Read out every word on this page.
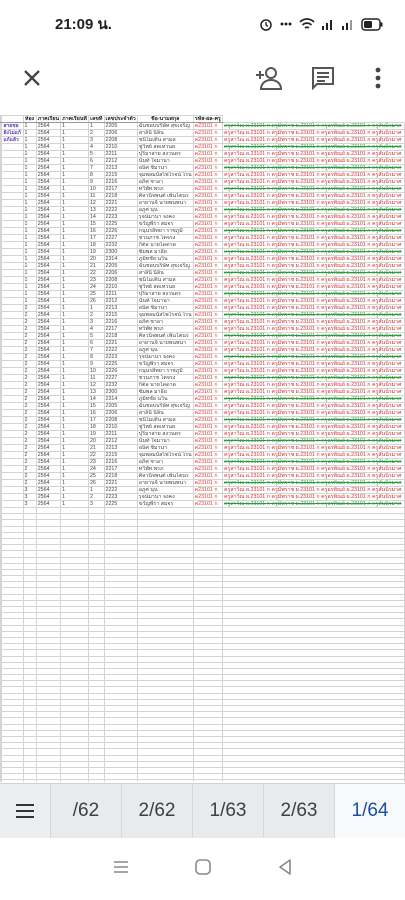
21:09 น.
		ห้อง	ภาคเรียน	ภาคเรียนที่	เลขที่	เลขประจำตัว	ชื่อ-นามสกุล	รหัส-ผล-ครู	
	สายชอ	1	2564	1	1	2205	ฉันชอบบริษัท สุขเจริญ	ค23101 ก	ครูสาวิณ ผ.23101 ก ครูมีพราช ผ.23101 ก ครูอรทิณย์ ผ.23101 ก ครูสันนิรมาศ
	ยังไม่แก้	1	2564	1	2	2206	สาลินี นิลิน	ค23101 ก	ครูสาวิณ ผ.23101 ก ครูมีพราช ผ.23101 ก ครูอรทิณย์ ผ.23101 ก ครูสันนิรมาศ
	แก้แล้ว	1	2564	1	3	2208	ชนิโมเติน สามล	ค23101 ก	ครูสาวิณ ผ.23101 ก ครูมีพราช ผ.23101 ก ครูอรทิณย์ ผ.23101 ก ครูสันนิรมาศ
		1	2564	1	4	2210	ชูวิทย์ สดเทวนย	ค23101 ก	ครูสาวิณ ผ.23101 ก ครูมีพราช ผ.23101 ก ครูอรทิณย์ ผ.23101 ก ครูสันนิรมาศ
		1	2564	1	5	2211	ปุริมาสาย สงวนดร	ค23101 ก	ครูสาวิณ ผ.23101 ก ครูมีพราช ผ.23101 ก ครูอรทิณย์ ผ.23101 ก ครูสันนิรมาศ
		1	2564	1	6	2212	นันท์ ใจมานา	ค23101 ก	ครูสาวิณ ผ.23101 ก ครูมีพราช ผ.23101 ก ครูอรทิณย์ ผ.23101 ก ครูสันนิรมาศ
		1	2564	1	7	2213	อนิศ ชิมานา	ค23101 ก	ครูสาวิณ ผ.23101 ก ครูมีพราช ผ.23101 ก ครูอรทิณย์ ผ.23101 ก ครูสันนิรมาศ
		1	2564	1	8	2215	จุมพลมนัสไพโรจน์ ไรน	ค23101 ก	ครูสาวิณ ผ.23101 ก ครูมีพราช ผ.23101 ก ครูอรทิณย์ ผ.23101 ก ครูสันนิรมาศ
		1	2564	1	9	2216	อภิศ ชาอา	ค23101 ก	ครูสาวิณ ผ.23101 ก ครูมีพราช ผ.23101 ก ครูอรทิณย์ ผ.23101 ก ครูสันนิรมาศ
		1	2564	1	10	2217	ทวิพัท พรภ	ค23101 ก	ครูสาวิณ ผ.23101 ก ครูมีพราช ผ.23101 ก ครูอรทิณย์ ผ.23101 ก ครูสันนิรมาศ
		1	2564	1	11	2218	ศิลวนิจพนต์ เพ็นโตนร	ค23101 ก	ครูสาวิณ ผ.23101 ก ครูมีพราช ผ.23101 ก ครูอรทิณย์ ผ.23101 ก ครูสันนิรมาศ
		1	2564	1	12	2221	อายานจี นายพนพนา	ค23101 ก	ครูสาวิณ ผ.23101 ก ครูมีพราช ผ.23101 ก ครูอรทิณย์ ผ.23101 ก ครูสันนิรมาศ
		1	2564	1	13	2222	อภูศ นุน	ค23101 ก	ครูสาวิณ ผ.23101 ก ครูมีพราช ผ.23101 ก ครูอรทิณย์ ผ.23101 ก ครูสันนิรมาศ
		1	2564	1	14	2223	รุจน์มานา จงคง	ค23101 ก	ครูสาวิณ ผ.23101 ก ครูมีพราช ผ.23101 ก ครูอรทิณย์ ผ.23101 ก ครูสันนิรมาศ
		1	2564	1	15	2225	ขวัญพิรา สมจร	ค23101 ก	ครูสาวิณ ผ.23101 ก ครูมีพราช ผ.23101 ก ครูอรทิณย์ ผ.23101 ก ครูสันนิรมาศ
		1	2564	1	16	2226	กนุนรสิทยา ราชภูมิ	ค23101 ก	ครูสาวิณ ผ.23101 ก ครูมีพราช ผ.23101 ก ครูอรทิณย์ ผ.23101 ก ครูสันนิรมาศ
		1	2564	1	17	2227	ชวนภาช โตจรง	ค23101 ก	ครูสาวิณ ผ.23101 ก ครูมีพราช ผ.23101 ก ครูอรทิณย์ ผ.23101 ก ครูสันนิรมาศ
		1	2564	1	18	2232	กิต์ล นายโดดาด	ค23101 ก	ครูสาวิณ ผ.23101 ก ครูมีพราช ผ.23101 ก ครูอรทิณย์ ผ.23101 ก ครูสันนิรมาศ
		1	2564	1	19	2300	ซิมพล มาอีย	ค23101 ก	ครูสาวิณ ผ.23101 ก ครูมีพราช ผ.23101 ก ครูอรทิณย์ ผ.23101 ก ครูสันนิรมาศ
		1	2564	1	20	2314	ภูมิทชัย นวิน	ค23101 ก	ครูสาวิณ ผ.23101 ก ครูมีพราช ผ.23101 ก ครูอรทิณย์ ผ.23101 ก ครูสันนิรมาศ
		1	2564	1	21	2205	ฉันชอบบริษัท สุขเจริญ	ค23101 ก	ครูสาวิณ ผ.23101 ก ครูมีพราช ผ.23101 ก ครูอรทิณย์ ผ.23101 ก ครูสันนิรมาศ
		1	2564	1	22	2206	สาลินี นิลิน	ค23101 ก	ครูสาวิณ ผ.23101 ก ครูมีพราช ผ.23101 ก ครูอรทิณย์ ผ.23101 ก ครูสันนิรมาศ
		1	2564	1	23	2208	ชนิโมเติน สามล	ค23101 ก	ครูสาวิณ ผ.23101 ก ครูมีพราช ผ.23101 ก ครูอรทิณย์ ผ.23101 ก ครูสันนิรมาศ
		1	2564	1	24	2210	ชูวิทย์ สดเทวนย	ค23101 ก	ครูสาวิณ ผ.23101 ก ครูมีพราช ผ.23101 ก ครูอรทิณย์ ผ.23101 ก ครูสันนิรมาศ
		1	2564	1	25	2211	ปุริมาสาย สงวนดร	ค23101 ก	ครูสาวิณ ผ.23101 ก ครูมีพราช ผ.23101 ก ครูอรทิณย์ ผ.23101 ก ครูสันนิรมาศ
		1	2564	1	26	2212	นันท์ ใจมานา	ค23101 ก	ครูสาวิณ ผ.23101 ก ครูมีพราช ผ.23101 ก ครูอรทิณย์ ผ.23101 ก ครูสันนิรมาศ
		2	2564	1	1	2213	อนิศ ชิมานา	ค23101 ก	ครูสาวิณ ผ.23101 ก ครูมีพราช ผ.23101 ก ครูอรทิณย์ ผ.23101 ก ครูสันนิรมาศ
		2	2564	1	2	2215	จุมพลมนัสไพโรจน์ ไรน	ค23101 ก	ครูสาวิณ ผ.23101 ก ครูมีพราช ผ.23101 ก ครูอรทิณย์ ผ.23101 ก ครูสันนิรมาศ
		2	2564	1	3	2216	อภิศ ชาอา	ค23101 ก	ครูสาวิณ ผ.23101 ก ครูมีพราช ผ.23101 ก ครูอรทิณย์ ผ.23101 ก ครูสันนิรมาศ
		2	2564	1	4	2217	ทวิพัท พรภ	ค23101 ก	ครูสาวิณ ผ.23101 ก ครูมีพราช ผ.23101 ก ครูอรทิณย์ ผ.23101 ก ครูสันนิรมาศ
		2	2564	1	5	2218	ศิลวนิจพนต์ เพ็นโตนร	ค23101 ก	ครูสาวิณ ผ.23101 ก ครูมีพราช ผ.23101 ก ครูอรทิณย์ ผ.23101 ก ครูสันนิรมาศ
		2	2564	1	6	2221	อายานจี นายพนพนา	ค23101 ก	ครูสาวิณ ผ.23101 ก ครูมีพราช ผ.23101 ก ครูอรทิณย์ ผ.23101 ก ครูสันนิรมาศ
		2	2564	1	7	2222	อภูศ นุน	ค23101 ก	ครูสาวิณ ผ.23101 ก ครูมีพราช ผ.23101 ก ครูอรทิณย์ ผ.23101 ก ครูสันนิรมาศ
		2	2564	1	8	2223	รุจน์มานา จงคง	ค23101 ก	ครูสาวิณ ผ.23101 ก ครูมีพราช ผ.23101 ก ครูอรทิณย์ ผ.23101 ก ครูสันนิรมาศ
		2	2564	1	9	2225	ขวัญพิรา สมจร	ค23101 ก	ครูสาวิณ ผ.23101 ก ครูมีพราช ผ.23101 ก ครูอรทิณย์ ผ.23101 ก ครูสันนิรมาศ
		2	2564	1	10	2226	กนุนรสิทยา ราชภูมิ	ค23101 ก	ครูสาวิณ ผ.23101 ก ครูมีพราช ผ.23101 ก ครูอรทิณย์ ผ.23101 ก ครูสันนิรมาศ
		2	2564	1	11	2227	ชวนภาช โตจรง	ค23101 ก	ครูสาวิณ ผ.23101 ก ครูมีพราช ผ.23101 ก ครูอรทิณย์ ผ.23101 ก ครูสันนิรมาศ
		2	2564	1	12	2232	กิต์ล นายโดดาด	ค23101 ก	ครูสาวิณ ผ.23101 ก ครูมีพราช ผ.23101 ก ครูอรทิณย์ ผ.23101 ก ครูสันนิรมาศ
		2	2564	1	13	2300	ซิมพล มาอีย	ค23101 ก	ครูสาวิณ ผ.23101 ก ครูมีพราช ผ.23101 ก ครูอรทิณย์ ผ.23101 ก ครูสันนิรมาศ
		2	2564	1	14	2314	ภูมิทชัย นวิน	ค23101 ก	ครูสาวิณ ผ.23101 ก ครูมีพราช ผ.23101 ก ครูอรทิณย์ ผ.23101 ก ครูสันนิรมาศ
		2	2564	1	15	2205	ฉันชอบบริษัท สุขเจริญ	ค23101 ก	ครูสาวิณ ผ.23101 ก ครูมีพราช ผ.23101 ก ครูอรทิณย์ ผ.23101 ก ครูสันนิรมาศ
		2	2564	1	16	2206	สาลินี นิลิน	ค23101 ก	ครูสาวิณ ผ.23101 ก ครูมีพราช ผ.23101 ก ครูอรทิณย์ ผ.23101 ก ครูสันนิรมาศ
		2	2564	1	17	2208	ชนิโมเติน สามล	ค23101 ก	ครูสาวิณ ผ.23101 ก ครูมีพราช ผ.23101 ก ครูอรทิณย์ ผ.23101 ก ครูสันนิรมาศ
		2	2564	1	18	2210	ชูวิทย์ สดเทวนย	ค23101 ก	ครูสาวิณ ผ.23101 ก ครูมีพราช ผ.23101 ก ครูอรทิณย์ ผ.23101 ก ครูสันนิรมาศ
		2	2564	1	19	2211	ปุริมาสาย สงวนดร	ค23101 ก	ครูสาวิณ ผ.23101 ก ครูมีพราช ผ.23101 ก ครูอรทิณย์ ผ.23101 ก ครูสันนิรมาศ
		2	2564	1	20	2212	นันท์ ใจมานา	ค23101 ก	ครูสาวิณ ผ.23101 ก ครูมีพราช ผ.23101 ก ครูอรทิณย์ ผ.23101 ก ครูสันนิรมาศ
		2	2564	1	21	2213	อนิศ ชิมานา	ค23101 ก	ครูสาวิณ ผ.23101 ก ครูมีพราช ผ.23101 ก ครูอรทิณย์ ผ.23101 ก ครูสันนิรมาศ
		2	2564	1	22	2215	จุมพลมนัสไพโรจน์ ไรน	ค23101 ก	ครูสาวิณ ผ.23101 ก ครูมีพราช ผ.23101 ก ครูอรทิณย์ ผ.23101 ก ครูสันนิรมาศ
		2	2564	1	23	2216	อภิศ ชาอา	ค23101 ก	ครูสาวิณ ผ.23101 ก ครูมีพราช ผ.23101 ก ครูอรทิณย์ ผ.23101 ก ครูสันนิรมาศ
		2	2564	1	24	2217	ทวิพัท พรภ	ค23101 ก	ครูสาวิณ ผ.23101 ก ครูมีพราช ผ.23101 ก ครูอรทิณย์ ผ.23101 ก ครูสันนิรมาศ
		2	2564	1	25	2218	ศิลวนิจพนต์ เพ็นโตนร	ค23101 ก	ครูสาวิณ ผ.23101 ก ครูมีพราช ผ.23101 ก ครูอรทิณย์ ผ.23101 ก ครูสันนิรมาศ
		2	2564	1	26	2221	อายานจี นายพนพนา	ค23101 ก	ครูสาวิณ ผ.23101 ก ครูมีพราช ผ.23101 ก ครูอรทิณย์ ผ.23101 ก ครูสันนิรมาศ
		3	2564	1	1	2222	อภูศ นุน	ค23101 ก	ครูสาวิณ ผ.23101 ก ครูมีพราช ผ.23101 ก ครูอรทิณย์ ผ.23101 ก ครูสันนิรมาศ
		3	2564	1	2	2223	รุจน์มานา จงคง	ค23101 ก	ครูสาวิณ ผ.23101 ก ครูมีพราช ผ.23101 ก ครูอรทิณย์ ผ.23101 ก ครูสันนิรมาศ
		3	2564	1	3	2225	ขวัญพิรา สมจร	ค23101 ก	ครูสาวิณ ผ.23101 ก ครูมีพราช ผ.23101 ก ครูอรทิณย์ ผ.23101 ก ครูสันนิรมาศ

/62	2/62	1/63	2/63	1/64
